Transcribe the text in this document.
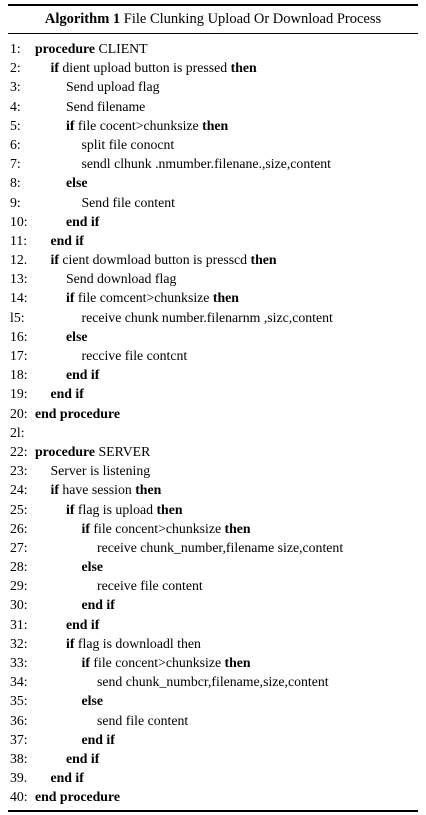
Algorithm 1 File Clunking Upload Or Download Process
1: procedure CLIENT
2: if dient upload button is pressed then
3:	Send upload flag
4:	Send filename
5:	if file cocent>chunksize then
6:	split file conocnt
7:	sendl clhunk .nmumber.filenane.,size,content
8:	else
9:	Send file content
10:	end if
11: end if
12. if cient dowmload button is presscd then
13:	Send download flag
14:	if file comcent>chunksize then
l5:	receive chunk number.filenarnm ,sizc,content
16:	else
17:	reccive file contcnt
18:	end if
19: end if
20: end procedure
2l:
22: procedure SERVER
23: Server is listening
24: if have session then
25:	if flag is upload then
26:	if file concent>chunksize then
27:	receive chunk_number,filename size,content
28:	else
29:	receive file content
30:	end if
31:	end if
32:	if flag is downloadl then
33:	if file concent>chunksize then
34:	send chunk_numbcr,filename,size,content
35:	else
36:	send file content
37:	end if
38:	end if
39. end if
40: end procedure
